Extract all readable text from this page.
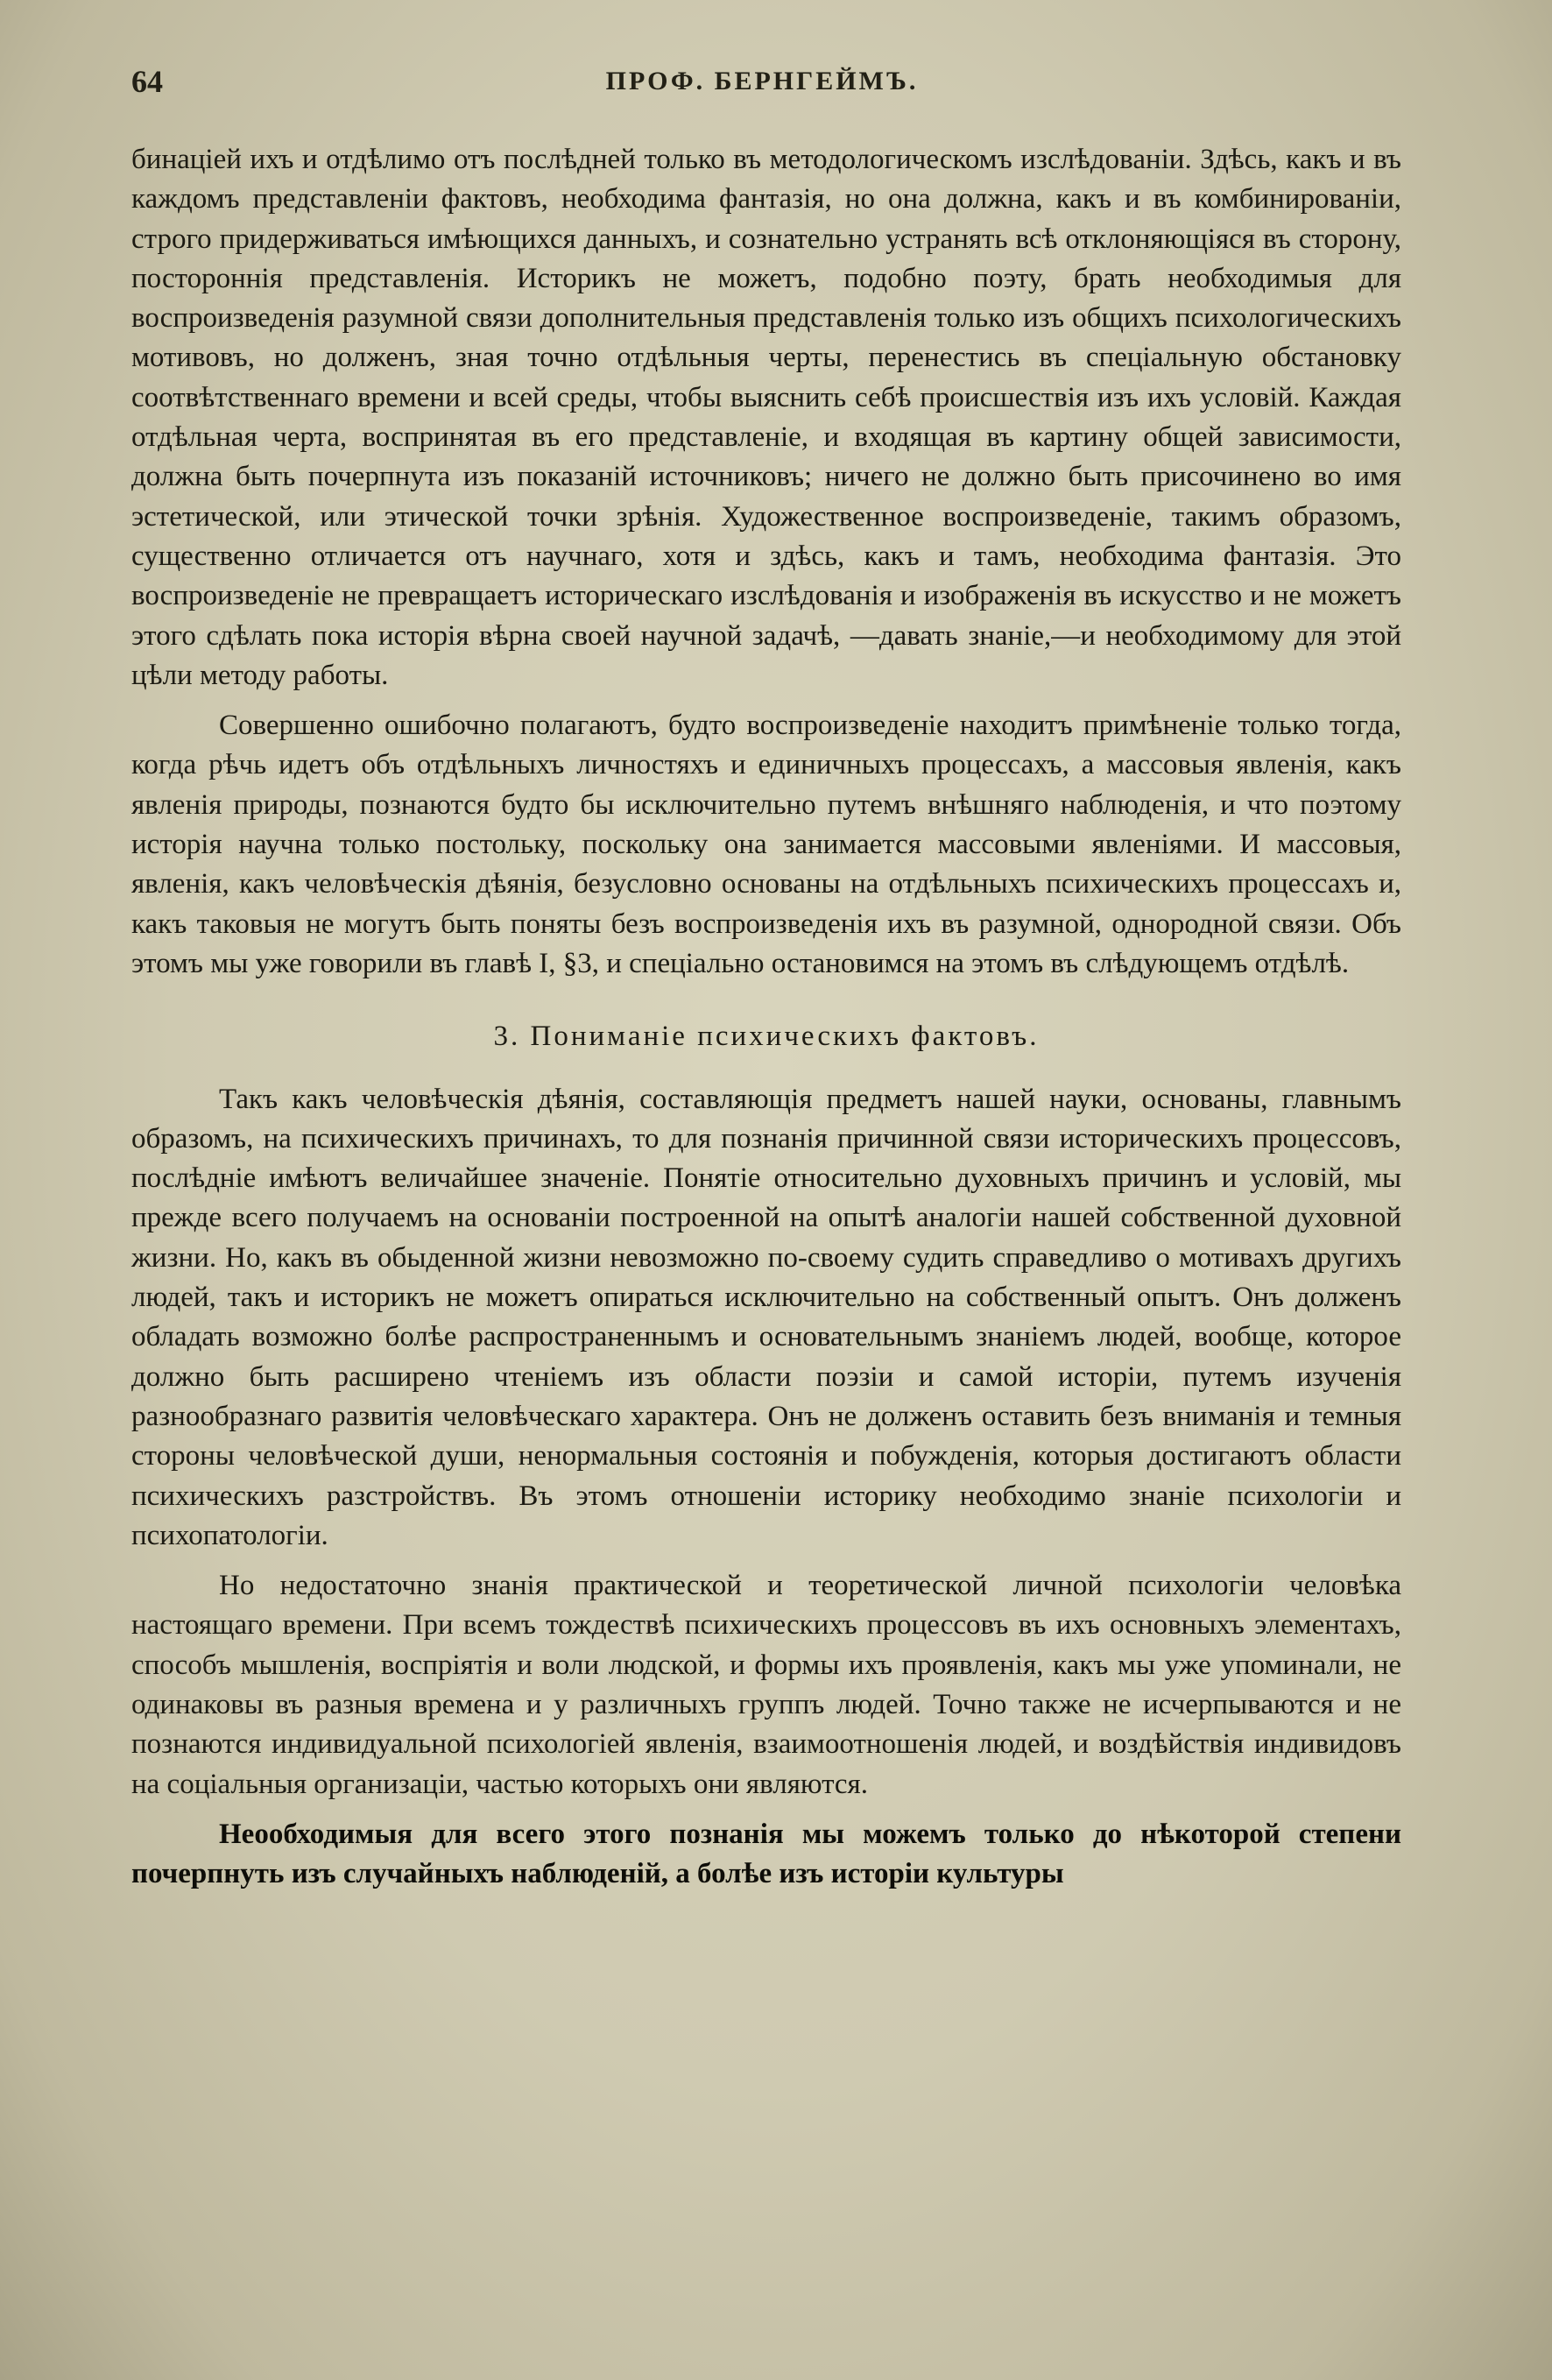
64	ПРОФ. БЕРНГЕЙМЪ.

бинаціей ихъ и отдѣлимо отъ послѣдней только въ методологическомъ изслѣдованіи. Здѣсь, какъ и въ каждомъ представленіи фактовъ, необходима фантазія, но она должна, какъ и въ комбинированіи, строго придерживаться имѣющихся данныхъ, и сознательно устранять всѣ отклоняющіяся въ сторону, постороннія представленія. Историкъ не можетъ, подобно поэту, брать необходимыя для воспроизведенія разумной связи дополнительныя представленія только изъ общихъ психологическихъ мотивовъ, но долженъ, зная точно отдѣльныя черты, перенестись въ спеціальную обстановку соотвѣтственнаго времени и всей среды, чтобы выяснить себѣ происшествія изъ ихъ условій. Каждая отдѣльная черта, воспринятая въ его представленіе, и входящая въ картину общей зависимости, должна быть почерпнута изъ показаній источниковъ; ничего не должно быть присочинено во имя эстетической, или этической точки зрѣнія. Художественное воспроизведеніе, такимъ образомъ, существенно отличается отъ научнаго, хотя и здѣсь, какъ и тамъ, необходима фантазія. Это воспроизведеніе не превращаетъ историческаго изслѣдованія и изображенія въ искусство и не можетъ этого сдѣлать пока исторія вѣрна своей научной задачѣ, —давать знаніе,—и необходимому для этой цѣли методу работы.

Совершенно ошибочно полагаютъ, будто воспроизведеніе находитъ примѣненіе только тогда, когда рѣчь идетъ объ отдѣльныхъ личностяхъ и единичныхъ процессахъ, а массовыя явленія, какъ явленія природы, познаются будто бы исключительно путемъ внѣшняго наблюденія, и что поэтому исторія научна только постольку, поскольку она занимается массовыми явленіями. И массовыя, явленія, какъ человѣческія дѣянія, безусловно основаны на отдѣльныхъ психическихъ процессахъ и, какъ таковыя не могутъ быть поняты безъ воспроизведенія ихъ въ разумной, однородной связи. Объ этомъ мы уже говорили въ главѣ I, §3, и спеціально остановимся на этомъ въ слѣдующемъ отдѣлѣ.

3. Пониманіе психическихъ фактовъ.

Такъ какъ человѣческія дѣянія, составляющія предметъ нашей науки, основаны, главнымъ образомъ, на психическихъ причинахъ, то для познанія причинной связи историческихъ процессовъ, послѣдніе имѣютъ величайшее значеніе. Понятіе относительно духовныхъ причинъ и условій, мы прежде всего получаемъ на основаніи построенной на опытѣ аналогіи нашей собственной духовной жизни. Но, какъ въ обыденной жизни невозможно по-своему судить справедливо о мотивахъ другихъ людей, такъ и историкъ не можетъ опираться исключительно на собственный опытъ. Онъ долженъ обладать возможно болѣе распространеннымъ и основательнымъ знаніемъ людей, вообще, которое должно быть расширено чтеніемъ изъ области поэзіи и самой исторіи, путемъ изученія разнообразнаго развитія человѣческаго характера. Онъ не долженъ оставить безъ вниманія и темныя стороны человѣческой души, ненормальныя состоянія и побужденія, которыя достигаютъ области психическихъ разстройствъ. Въ этомъ отношеніи историку необходимо знаніе психологіи и психопатологіи.

Но недостаточно знанія практической и теоретической личной психологіи человѣка настоящаго времени. При всемъ тождествѣ психическихъ процессовъ въ ихъ основныхъ элементахъ, способъ мышленія, воспріятія и воли людской, и формы ихъ проявленія, какъ мы уже упоминали, не одинаковы въ разныя времена и у различныхъ группъ людей. Точно также не исчерпываются и не познаются индивидуальной психологіей явленія, взаимоотношенія людей, и воздѣйствія индивидовъ на соціальныя организаціи, частью которыхъ они являются.

Неообходимыя для всего этого познанія мы можемъ только до нѣкоторой степени почерпнуть изъ случайныхъ наблюденій, а болѣе изъ исторіи культуры
